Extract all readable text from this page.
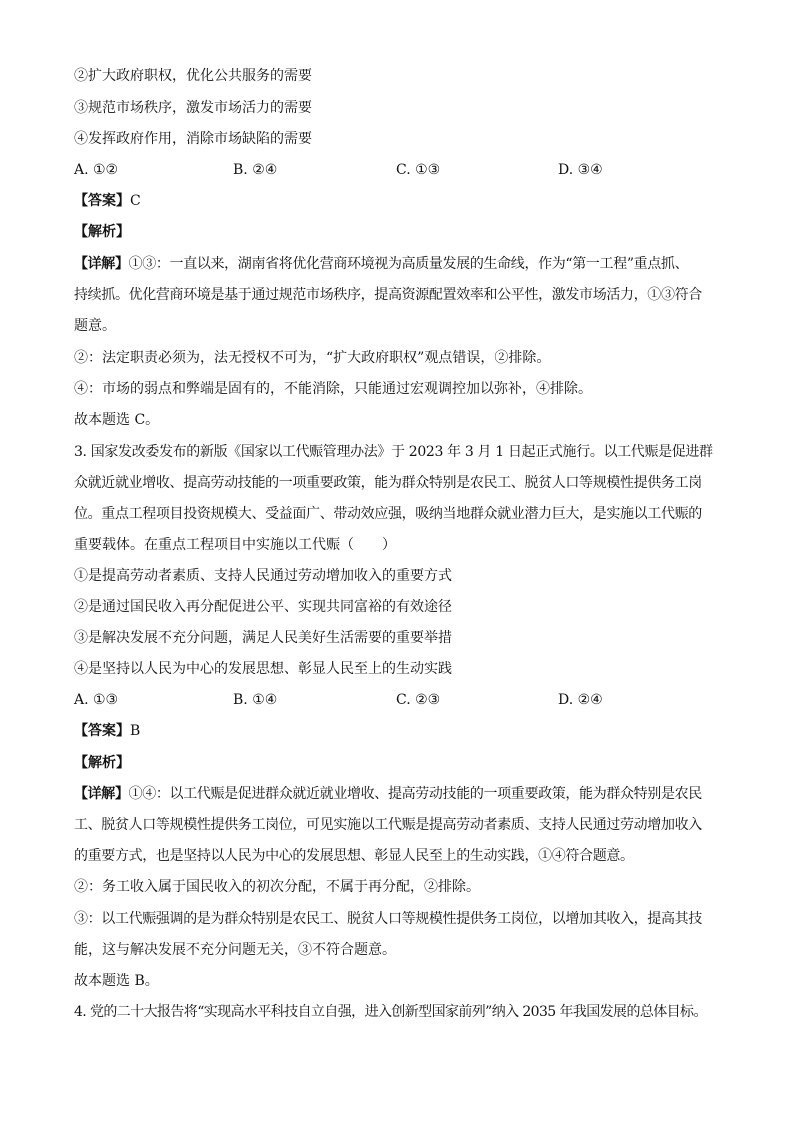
②扩大政府职权，优化公共服务的需要
③规范市场秩序，激发市场活力的需要
④发挥政府作用，消除市场缺陷的需要
A. ①②	B. ②④	C. ①③	D. ③④
【答案】C
【解析】
【详解】①③：一直以来，湖南省将优化营商环境视为高质量发展的生命线，作为“第一工程”重点抓、
持续抓。优化营商环境是基于通过规范市场秩序，提高资源配置效率和公平性，激发市场活力，①③符合
题意。
②：法定职责必须为，法无授权不可为，“扩大政府职权”观点错误，②排除。
④：市场的弱点和弊端是固有的，不能消除，只能通过宏观调控加以弥补，④排除。
故本题选 C。
3. 国家发改委发布的新版《国家以工代赈管理办法》于 2023 年 3 月 1 日起正式施行。以工代赈是促进群
众就近就业增收、提高劳动技能的一项重要政策，能为群众特别是农民工、脱贫人口等规模性提供务工岗
位。重点工程项目投资规模大、受益面广、带动效应强，吸纳当地群众就业潜力巨大，是实施以工代赈的
重要载体。在重点工程项目中实施以工代赈（　　）
①是提高劳动者素质、支持人民通过劳动增加收入的重要方式
②是通过国民收入再分配促进公平、实现共同富裕的有效途径
③是解决发展不充分问题，满足人民美好生活需要的重要举措
④是坚持以人民为中心的发展思想、彰显人民至上的生动实践
A. ①③	B. ①④	C. ②③	D. ②④
【答案】B
【解析】
【详解】①④：以工代赈是促进群众就近就业增收、提高劳动技能的一项重要政策，能为群众特别是农民
工、脱贫人口等规模性提供务工岗位，可见实施以工代赈是提高劳动者素质、支持人民通过劳动增加收入
的重要方式，也是坚持以人民为中心的发展思想、彰显人民至上的生动实践，①④符合题意。
②：务工收入属于国民收入的初次分配，不属于再分配，②排除。
③：以工代赈强调的是为群众特别是农民工、脱贫人口等规模性提供务工岗位，以增加其收入，提高其技
能，这与解决发展不充分问题无关，③不符合题意。
故本题选 B。
4. 党的二十大报告将“实现高水平科技自立自强，进入创新型国家前列”纳入 2035 年我国发展的总体目标。
